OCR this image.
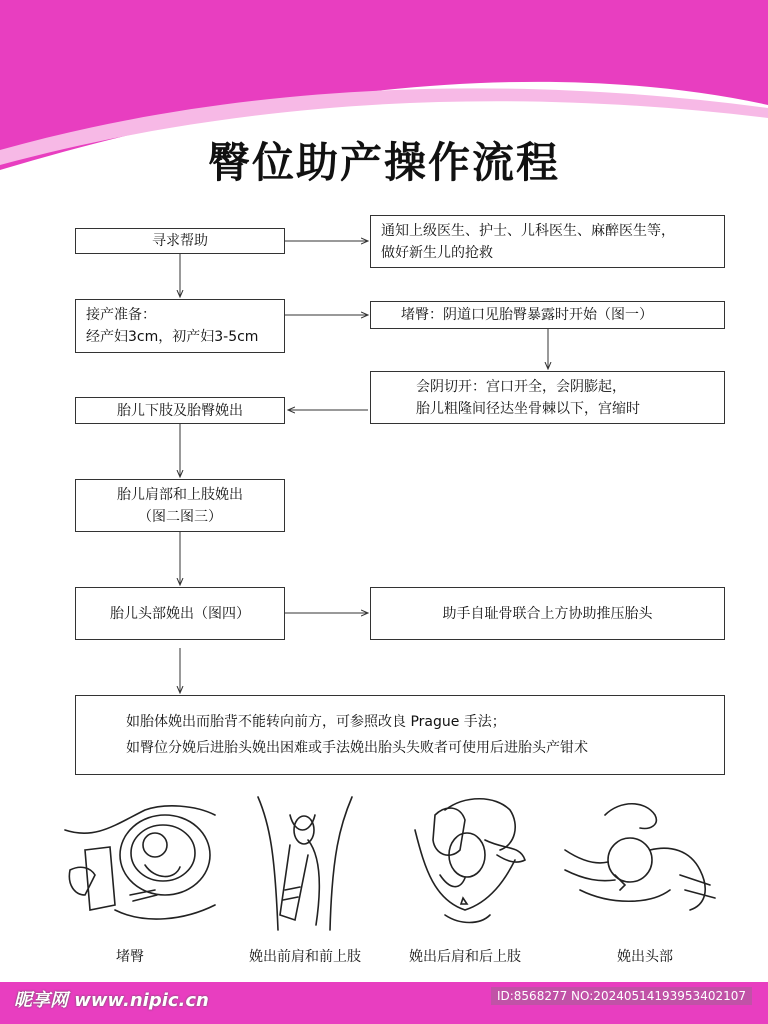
臀位助产操作流程
寻求帮助
通知上级医生、护士、儿科医生、麻醉医生等，
做好新生儿的抢救
接产准备：
经产妇3cm，初产妇3-5cm
堵臀：阴道口见胎臀暴露时开始（图一）
会阴切开：宫口开全，会阴膨起，
胎儿粗隆间径达坐骨棘以下，宫缩时
胎儿下肢及胎臀娩出
胎儿肩部和上肢娩出
（图二图三）
胎儿头部娩出（图四）	助手自耻骨联合上方协助推压胎头
如胎体娩出而胎背不能转向前方，可参照改良 Prague 手法；
如臀位分娩后进胎头娩出困难或手法娩出胎头失败者可使用后进胎头产钳术
堵臀	娩出前肩和前上肢	娩出后肩和后上肢	娩出头部
昵享网 www.nipic.cn	ID:8568277 NO:20240514193953402107
